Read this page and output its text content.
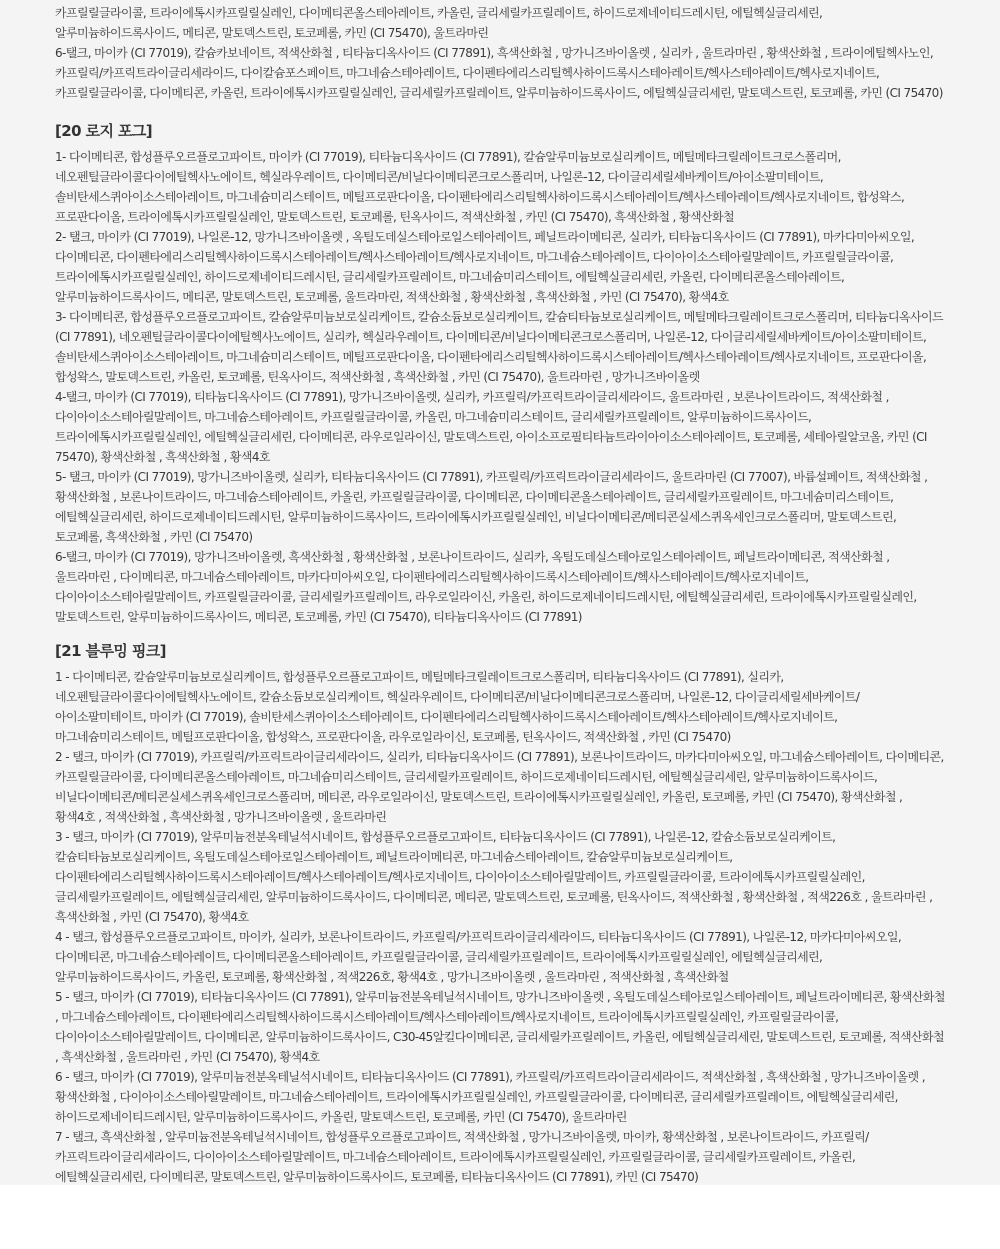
카프릴릴글라이콜, 트라이에톡시카프릴릴실레인, 다이메티콘올스테아레이트, 카올린, 글리세릴카프릴레이트, 하이드로제네이티드레시틴, 에틸헥실글리세린, 알루미늄하이드록사이드, 메티콘, 말토덱스트린, 토코페롤, 카민 (CI 75470), 울트라마린

6-탤크, 마이카 (CI 77019), 칼슘카보네이트, 적색산화철 , 티타늄디옥사이드 (CI 77891), 흑색산화철 , 망가니즈바이올렛 , 실리카 , 울트라마린 , 황색산화철 , 트라이에틸헥사노인, 카프릴릭/카프릭트라이글리세라이드, 다이칼슘포스페이트, 마그네슘스테아레이트, 다이펜타에리스리틸헥사하이드록시스테아레이트/헥사스테아레이트/헥사로지네이트, 카프릴릴글라이콜, 다이메티콘, 카올린, 트라이에톡시카프릴릴실레인, 글리세릴카프릴레이트, 알루미늄하이드록사이드, 에틸헥실글리세린, 말토덱스트린, 토코페롤, 카민 (CI 75470)

[20 로지 포그]

1- 다이메티콘, 합성플루오르플로고파이트, 마이카 (CI 77019), 티타늄디옥사이드 (CI 77891), 칼슘알루미늄보로실리케이트, 메틸메타크릴레이트크로스폴리머, 네오펜틸글라이콜다이에틸헥사노에이트, 헥실라우레이트, 다이메티콘/비닐다이메티콘크로스폴리머, 나일론-12, 다이글리세릴세바케이트/아이소팔미테이트, 솔비탄세스퀴아이소스테아레이트, 마그네슘미리스테이트, 메틸프로판다이올, 다이펜타에리스리틸헥사하이드록시스테아레이트/헥사스테아레이트/헥사로지네이트, 합성왁스, 프로판다이올, 트라이에톡시카프릴릴실레인, 말토덱스트린, 토코페롤, 틴옥사이드, 적색산화철 , 카민 (CI 75470), 흑색산화철 , 황색산화철

2- 탤크, 마이카 (CI 77019), 나일론-12, 망가니즈바이올렛 , 옥틸도데실스테아로일스테아레이트, 페닐트라이메티콘, 실리카, 티타늄디옥사이드 (CI 77891), 마카다미아씨오일, 다이메티콘, 다이펜타에리스리틸헥사하이드록시스테아레이트/헥사스테아레이트/헥사로지네이트, 마그네슘스테아레이트, 다이아이소스테아릴말레이트, 카프릴릴글라이콜, 트라이에톡시카프릴릴실레인, 하이드로제네이티드레시틴, 글리세릴카프릴레이트, 마그네슘미리스테이트, 에틸헥실글리세린, 카올린, 다이메티콘올스테아레이트, 알루미늄하이드록사이드, 메티콘, 말토덱스트린, 토코페롤, 울트라마린, 적색산화철 , 황색산화철 , 흑색산화철 , 카민 (CI 75470), 황색4호

3- 다이메티콘, 합성플루오르플로고파이트, 칼슘알루미늄보로실리케이트, 칼슘소듐보로실리케이트, 칼슘티타늄보로실리케이트, 메틸메타크릴레이트크로스폴리머, 티타늄디옥사이드 (CI 77891), 네오펜틸글라이콜다이에틸헥사노에이트, 실리카, 헥실라우레이트, 다이메티콘/비닐다이메티콘크로스폴리머, 나일론-12, 다이글리세릴세바케이트/아이소팔미테이트, 솔비탄세스퀴아이소스테아레이트, 마그네슘미리스테이트, 메틸프로판다이올, 다이펜타에리스리틸헥사하이드록시스테아레이트/헥사스테아레이트/헥사로지네이트, 프로판다이올, 합성왁스, 말토덱스트린, 카올린, 토코페롤, 틴옥사이드, 적색산화철 , 흑색산화철 , 카민 (CI 75470), 울트라마린 , 망가니즈바이올렛

4-탤크, 마이카 (CI 77019), 티타늄디옥사이드 (CI 77891), 망가니즈바이올렛, 실리카, 카프릴릭/카프릭트라이글리세라이드, 울트라마린 , 보론나이트라이드, 적색산화철 , 다이아이소스테아릴말레이트, 마그네슘스테아레이트, 카프릴릴글라이콜, 카올린, 마그네슘미리스테이트, 글리세릴카프릴레이트, 알루미늄하이드록사이드, 트라이에톡시카프릴릴실레인, 에틸헥실글리세린, 다이메티콘, 라우로일라이신, 말토덱스트린, 아이소프로필티타늄트라이아이소스테아레이트, 토코페롤, 세테아릴알코올, 카민 (CI 75470), 황색산화철 , 흑색산화철 , 황색4호

5- 탤크, 마이카 (CI 77019), 망가니즈바이올렛, 실리카, 티타늄디옥사이드 (CI 77891), 카프릴릭/카프릭트라이글리세라이드, 울트라마린 (CI 77007), 바륨설페이트, 적색산화철 , 황색산화철 , 보론나이트라이드, 마그네슘스테아레이트, 카올린, 카프릴릴글라이콜, 다이메티콘, 다이메티콘올스테아레이트, 글리세릴카프릴레이트, 마그네슘미리스테이트, 에틸헥실글리세린, 하이드로제네이티드레시틴, 알루미늄하이드록사이드, 트라이에톡시카프릴릴실레인, 비닐다이메티콘/메티콘실세스퀴옥세인크로스폴리머, 말토덱스트린, 토코페롤, 흑색산화철 , 카민 (CI 75470)

6-탤크, 마이카 (CI 77019), 망가니즈바이올렛, 흑색산화철 , 황색산화철 , 보론나이트라이드, 실리카, 옥틸도데실스테아로일스테아레이트, 페닐트라이메티콘, 적색산화철 , 울트라마린 , 다이메티콘, 마그네슘스테아레이트, 마카다미아씨오일, 다이펜타에리스리틸헥사하이드록시스테아레이트/헥사스테아레이트/헥사로지네이트, 다이아이소스테아릴말레이트, 카프릴릴글라이콜, 글리세릴카프릴레이트, 라우로일라이신, 카올린, 하이드로제네이티드레시틴, 에틸헥실글리세린, 트라이에톡시카프릴릴실레인, 말토덱스트린, 알루미늄하이드록사이드, 메티콘, 토코페롤, 카민 (CI 75470), 티타늄디옥사이드 (CI 77891)

[21 블루밍 핑크]

1 - 다이메티콘, 칼슘알루미늄보로실리케이트, 합성플루오르플로고파이트, 메틸메타크릴레이트크로스폴리머, 티타늄디옥사이드 (CI 77891), 실리카, 네오펜틸글라이콜다이에틸헥사노에이트, 칼슘소듐보로실리케이트, 헥실라우레이트, 다이메티콘/비닐다이메티콘크로스폴리머, 나일론-12, 다이글리세릴세바케이트/아이소팔미테이트, 마이카 (CI 77019), 솔비탄세스퀴아이소스테아레이트, 다이펜타에리스리틸헥사하이드록시스테아레이트/헥사스테아레이트/헥사로지네이트, 마그네슘미리스테이트, 메틸프로판다이올, 합성왁스, 프로판다이올, 라우로일라이신, 토코페롤, 틴옥사이드, 적색산화철 , 카민 (CI 75470)

2 - 탤크, 마이카 (CI 77019), 카프릴릭/카프릭트라이글리세라이드, 실리카, 티타늄디옥사이드 (CI 77891), 보론나이트라이드, 마카다미아씨오일, 마그네슘스테아레이트, 다이메티콘, 카프릴릴글라이콜, 다이메티콘올스테아레이트, 마그네슘미리스테이트, 글리세릴카프릴레이트, 하이드로제네이티드레시틴, 에틸헥실글리세린, 알루미늄하이드록사이드, 비닐다이메티콘/메티콘실세스퀴옥세인크로스폴리머, 메티콘, 라우로일라이신, 말토덱스트린, 트라이에톡시카프릴릴실레인, 카올린, 토코페롤, 카민 (CI 75470), 황색산화철 , 황색4호 , 적색산화철 , 흑색산화철 , 망가니즈바이올렛 , 울트라마린

3 - 탤크, 마이카 (CI 77019), 알루미늄전분옥테닐석시네이트, 합성플루오르플로고파이트, 티타늄디옥사이드 (CI 77891), 나일론-12, 칼슘소듐보로실리케이트, 칼슘티타늄보로실리케이트, 옥틸도데실스테아로일스테아레이트, 페닐트라이메티콘, 마그네슘스테아레이트, 칼슘알루미늄보로실리케이트, 다이펜타에리스리틸헥사하이드록시스테아레이트/헥사스테아레이트/헥사로지네이트, 다이아이소스테아릴말레이트, 카프릴릴글라이콜, 트라이에톡시카프릴릴실레인, 글리세릴카프릴레이트, 에틸헥실글리세린, 알루미늄하이드록사이드, 다이메티콘, 메티콘, 말토덱스트린, 토코페롤, 틴옥사이드, 적색산화철 , 황색산화철 , 적색226호 , 울트라마린 , 흑색산화철 , 카민 (CI 75470), 황색4호

4 - 탤크, 합성플루오르플로고파이트, 마이카, 실리카, 보론나이트라이드, 카프릴릭/카프릭트라이글리세라이드, 티타늄디옥사이드 (CI 77891), 나일론-12, 마카다미아씨오일, 다이메티콘, 마그네슘스테아레이트, 다이메티콘올스테아레이트, 카프릴릴글라이콜, 글리세릴카프릴레이트, 트라이에톡시카프릴릴실레인, 에틸헥실글리세린, 알루미늄하이드록사이드, 카올린, 토코페롤, 황색산화철 , 적색226호, 황색4호 , 망가니즈바이올렛 , 울트라마린 , 적색산화철 , 흑색산화철

5 - 탤크, 마이카 (CI 77019), 티타늄디옥사이드 (CI 77891), 알루미늄전분옥테닐석시네이트, 망가니즈바이올렛 , 옥틸도데실스테아로일스테아레이트, 페닐트라이메티콘, 황색산화철 , 마그네슘스테아레이트, 다이펜타에리스리틸헥사하이드록시스테아레이트/헥사스테아레이트/헥사로지네이트, 트라이에톡시카프릴릴실레인, 카프릴릴글라이콜, 다이아이소스테아릴말레이트, 다이메티콘, 알루미늄하이드록사이드, C30-45알킬다이메티콘, 글리세릴카프릴레이트, 카올린, 에틸헥실글리세린, 말토덱스트린, 토코페롤, 적색산화철 , 흑색산화철 , 울트라마린 , 카민 (CI 75470), 황색4호

6 - 탤크, 마이카 (CI 77019), 알루미늄전분옥테닐석시네이트, 티타늄디옥사이드 (CI 77891), 카프릴릭/카프릭트라이글리세라이드, 적색산화철 , 흑색산화철 , 망가니즈바이올렛 , 황색산화철 , 다이아이소스테아릴말레이트, 마그네슘스테아레이트, 트라이에톡시카프릴릴실레인, 카프릴릴글라이콜, 다이메티콘, 글리세릴카프릴레이트, 에틸헥실글리세린, 하이드로제네이티드레시틴, 알루미늄하이드록사이드, 카올린, 말토덱스트린, 토코페롤, 카민 (CI 75470), 울트라마린

7 - 탤크, 흑색산화철 , 알루미늄전분옥테닐석시네이트, 합성플루오르플로고파이트, 적색산화철 , 망가니즈바이올렛, 마이카, 황색산화철 , 보론나이트라이드, 카프릴릭/카프릭트라이글리세라이드, 다이아이소스테아릴말레이트, 마그네슘스테아레이트, 트라이에톡시카프릴릴실레인, 카프릴릴글라이콜, 글리세릴카프릴레이트, 카올린, 에틸헥실글리세린, 다이메티콘, 말토덱스트린, 알루미늄하이드록사이드, 토코페롤, 티타늄디옥사이드 (CI 77891), 카민 (CI 75470)
